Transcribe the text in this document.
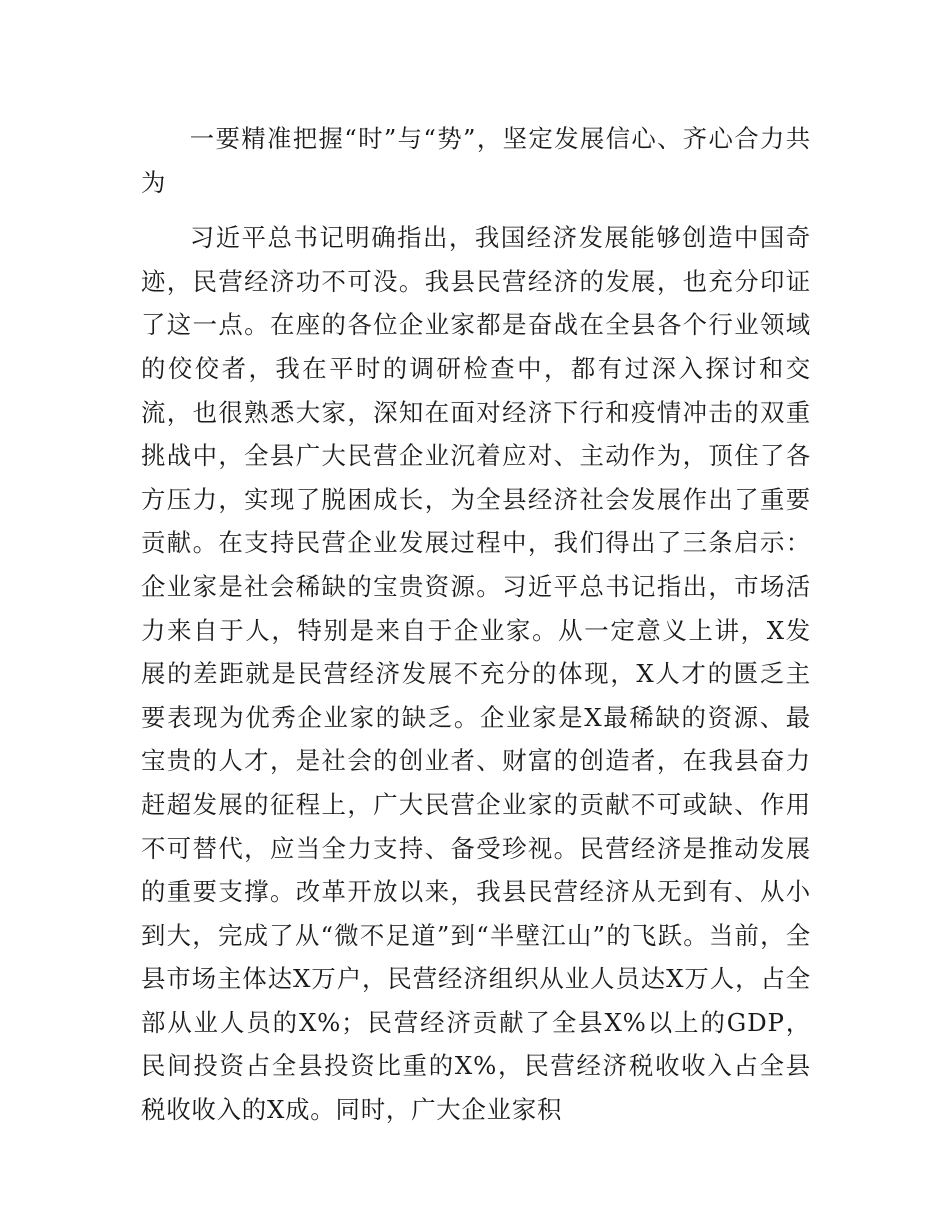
一要精准把握“时”与“势”，坚定发展信心、齐心合力共为

习近平总书记明确指出，我国经济发展能够创造中国奇迹，民营经济功不可没。我县民营经济的发展，也充分印证了这一点。在座的各位企业家都是奋战在全县各个行业领域的佼佼者，我在平时的调研检查中，都有过深入探讨和交流，也很熟悉大家，深知在面对经济下行和疫情冲击的双重挑战中，全县广大民营企业沉着应对、主动作为，顶住了各方压力，实现了脱困成长，为全县经济社会发展作出了重要贡献。在支持民营企业发展过程中，我们得出了三条启示：企业家是社会稀缺的宝贵资源。习近平总书记指出，市场活力来自于人，特别是来自于企业家。从一定意义上讲，X发展的差距就是民营经济发展不充分的体现，X人才的匮乏主要表现为优秀企业家的缺乏。企业家是X最稀缺的资源、最宝贵的人才，是社会的创业者、财富的创造者，在我县奋力赶超发展的征程上，广大民营企业家的贡献不可或缺、作用不可替代，应当全力支持、备受珍视。民营经济是推动发展的重要支撑。改革开放以来，我县民营经济从无到有、从小到大，完成了从“微不足道”到“半壁江山”的飞跃。当前，全县市场主体达X万户，民营经济组织从业人员达X万人，占全部从业人员的X%；民营经济贡献了全县X%以上的GDP，民间投资占全县投资比重的X%，民营经济税收收入占全县税收收入的X成。同时，广大企业家积
